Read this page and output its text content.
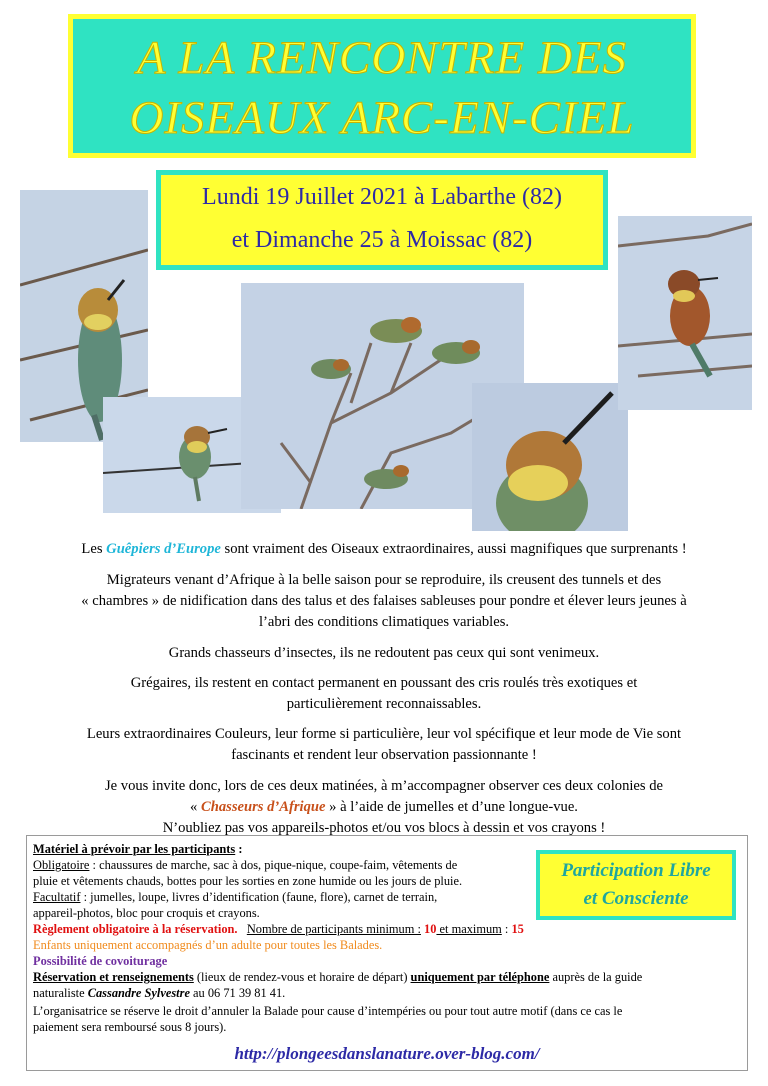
A LA RENCONTRE DES
OISEAUX ARC-EN-CIEL
Lundi 19 Juillet 2021 à Labarthe (82)
et Dimanche 25 à Moissac (82)
Les Guêpiers d’Europe sont vraiment des Oiseaux extraordinaires, aussi magnifiques que surprenants !
Migrateurs venant d’Afrique à la belle saison pour se reproduire, ils creusent des tunnels et des
« chambres » de nidification dans des talus et des falaises sableuses pour pondre et élever leurs jeunes à
l’abri des conditions climatiques variables.
Grands chasseurs d’insectes, ils ne redoutent pas ceux qui sont venimeux.
Grégaires, ils restent en contact permanent en poussant des cris roulés très exotiques et
particulièrement reconnaissables.
Leurs extraordinaires Couleurs, leur forme si particulière, leur vol spécifique et leur mode de Vie sont
fascinants et rendent leur observation passionnante !
Je vous invite donc, lors de ces deux matinées, à m’accompagner observer ces deux colonies de
« Chasseurs d’Afrique » à l’aide de jumelles et d’une longue-vue.
N’oubliez pas vos appareils-photos et/ou vos blocs à dessin et vos crayons !
Matériel à prévoir par les participants :
Obligatoire : chaussures de marche, sac à dos, pique-nique, coupe-faim, vêtements de
pluie et vêtements chauds, bottes pour les sorties en zone humide ou les jours de pluie.
Facultatif : jumelles, loupe, livres d’identification (faune, flore), carnet de terrain,
appareil-photos, bloc pour croquis et crayons.
Règlement obligatoire à la réservation. Nombre de participants minimum : 10 et maximum : 15
Enfants uniquement accompagnés d’un adulte pour toutes les Balades.
Possibilité de covoiturage
Réservation et renseignements (lieux de rendez-vous et horaire de départ) uniquement par téléphone auprès de la guide
naturaliste Cassandre Sylvestre au 06 71 39 81 41.
L’organisatrice se réserve le droit d’annuler la Balade pour cause d’intempéries ou pour tout autre motif (dans ce cas le
paiement sera remboursé sous 8 jours).
Participation Libre
et Consciente
http://plongeesdanslanature.over-blog.com/
